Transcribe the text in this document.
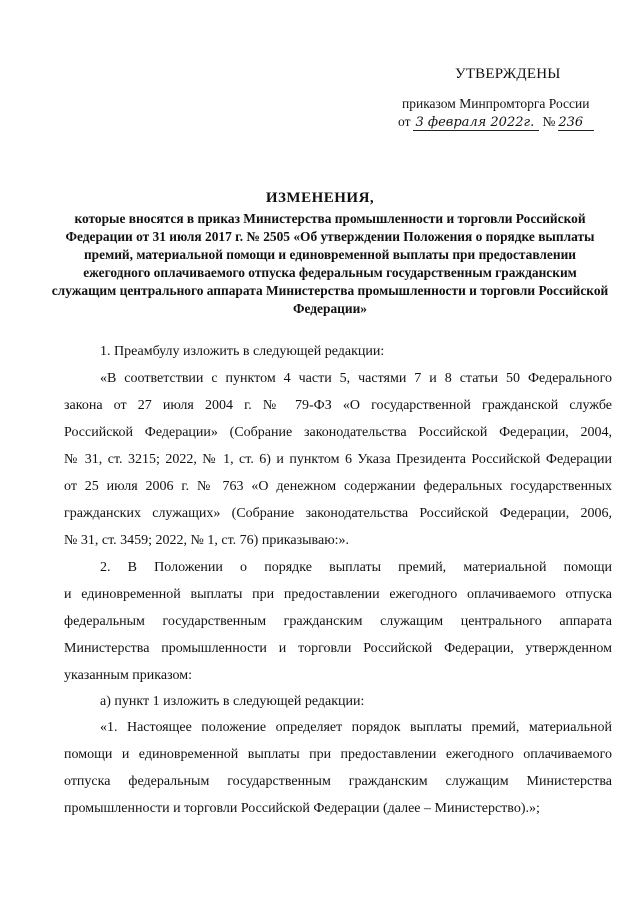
УТВЕРЖДЕНЫ
приказом Минпромторга России
от 3 февраля 2022г. № 236
ИЗМЕНЕНИЯ,
которые вносятся в приказ Министерства промышленности и торговли Российской Федерации от 31 июля 2017 г. № 2505 «Об утверждении Положения о порядке выплаты премий, материальной помощи и единовременной выплаты при предоставлении ежегодного оплачиваемого отпуска федеральным государственным гражданским служащим центрального аппарата Министерства промышленности и торговли Российской Федерации»
1. Преамбулу изложить в следующей редакции:
«В соответствии с пунктом 4 части 5, частями 7 и 8 статьи 50 Федерального
закона от 27 июля 2004 г. № 79-ФЗ «О государственной гражданской службе
Российской Федерации» (Собрание законодательства Российской Федерации, 2004,
№ 31, ст. 3215; 2022, № 1, ст. 6) и пунктом 6 Указа Президента Российской Федерации
от 25 июля 2006 г. № 763 «О денежном содержании федеральных государственных
гражданских служащих» (Собрание законодательства Российской Федерации, 2006,
№ 31, ст. 3459; 2022, № 1, ст. 76) приказываю:».
2. В Положении о порядке выплаты премий, материальной помощи
и единовременной выплаты при предоставлении ежегодного оплачиваемого отпуска
федеральным государственным гражданским служащим центрального аппарата
Министерства промышленности и торговли Российской Федерации, утвержденном
указанным приказом:
а) пункт 1 изложить в следующей редакции:
«1. Настоящее положение определяет порядок выплаты премий, материальной
помощи и единовременной выплаты при предоставлении ежегодного оплачиваемого
отпуска федеральным государственным гражданским служащим Министерства
промышленности и торговли Российской Федерации (далее – Министерство).»;
